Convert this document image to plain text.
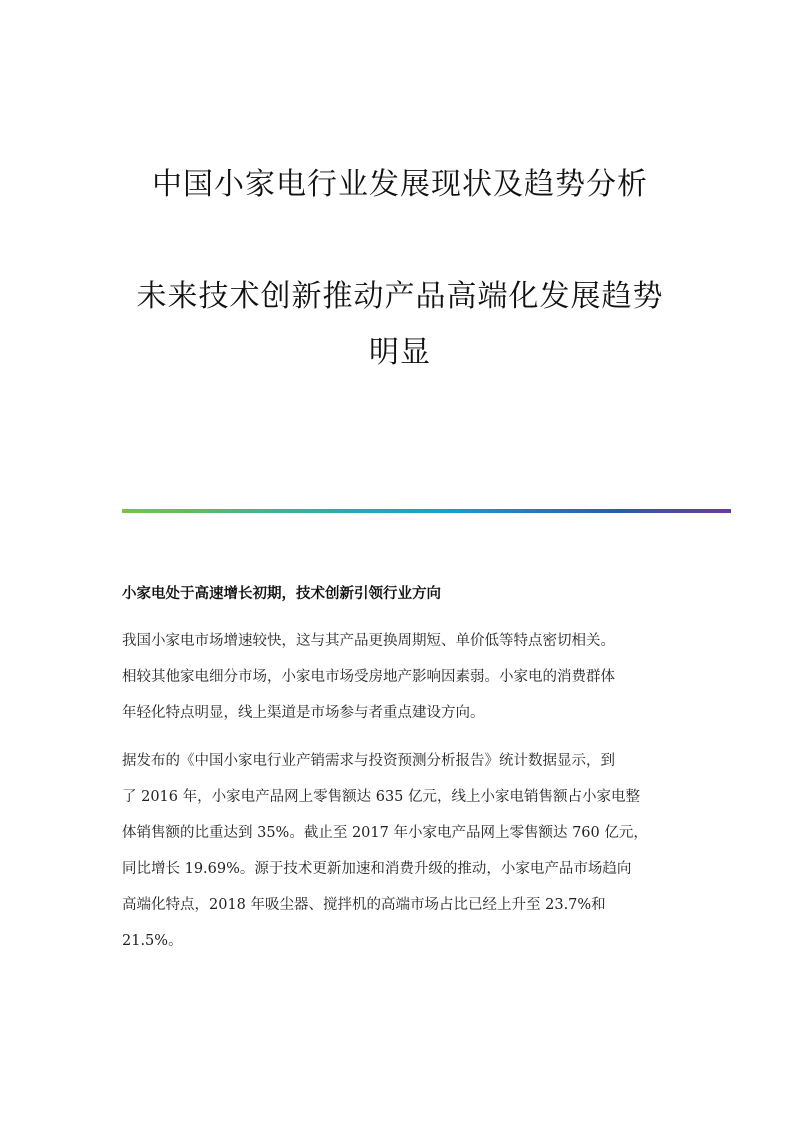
中国小家电行业发展现状及趋势分析
未来技术创新推动产品高端化发展趋势
明显
小家电处于高速增长初期，技术创新引领行业方向
我国小家电市场增速较快，这与其产品更换周期短、单价低等特点密切相关。
相较其他家电细分市场，小家电市场受房地产影响因素弱。小家电的消费群体
年轻化特点明显，线上渠道是市场参与者重点建设方向。
据发布的《中国小家电行业产销需求与投资预测分析报告》统计数据显示，到
了 2016 年，小家电产品网上零售额达 635 亿元，线上小家电销售额占小家电整
体销售额的比重达到 35%。截止至 2017 年小家电产品网上零售额达 760 亿元，
同比增长 19.69%。源于技术更新加速和消费升级的推动，小家电产品市场趋向
高端化特点，2018 年吸尘器、搅拌机的高端市场占比已经上升至 23.7%和
21.5%。
